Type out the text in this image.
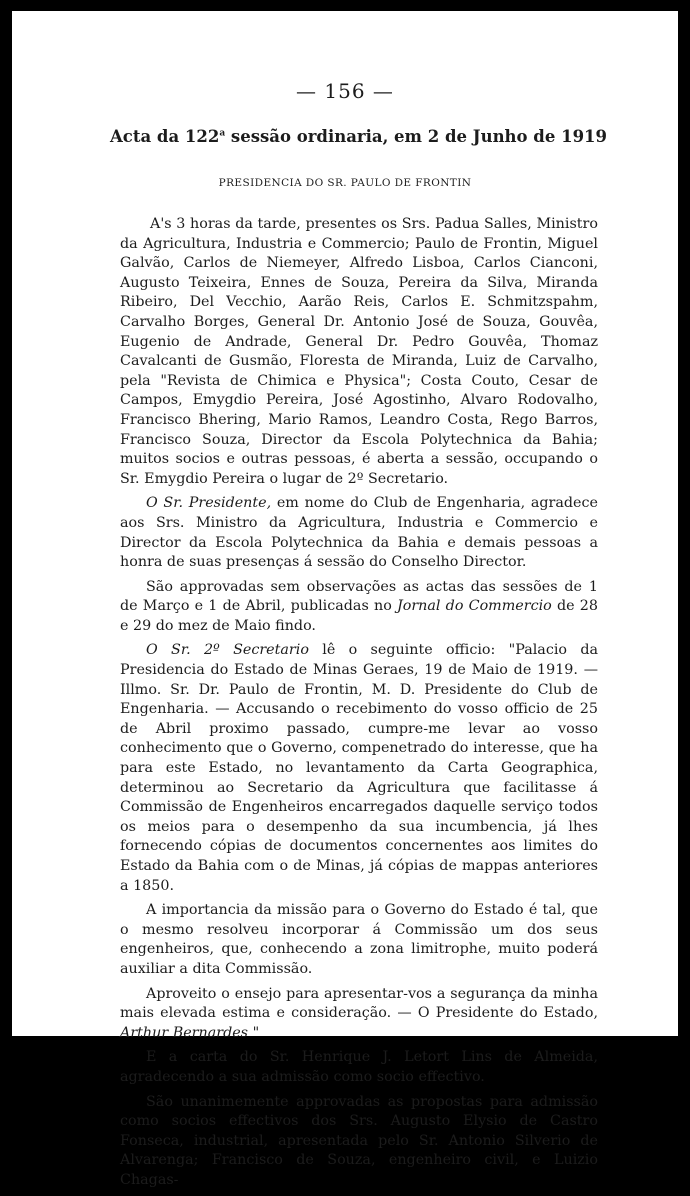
— 156 —
Acta da 122$^a$ sessão ordinaria, em 2 de Junho de 1919
PRESIDENCIA DO SR. PAULO DE FRONTIN

A's 3 horas da tarde, presentes os Srs. Padua Salles, Ministro da Agricultura, Industria e Commercio; Paulo de Frontin, Miguel Galvão, Carlos de Niemeyer, Alfredo Lisboa, Carlos Cianconi, Augusto Teixeira, Ennes de Souza, Pereira da Silva, Miranda Ribeiro, Del Vecchio, Aarão Reis, Carlos E. Schmitzspahm, Carvalho Borges, General Dr. Antonio José de Souza, Gouvêa, Eugenio de Andrade, General Dr. Pedro Gouvêa, Thomaz Cavalcanti de Gusmão, Floresta de Miranda, Luiz de Carvalho, pela "Revista de Chimica e Physica"; Costa Couto, Cesar de Campos, Emygdio Pereira, José Agostinho, Alvaro Rodovalho, Francisco Bhering, Mario Ramos, Leandro Costa, Rego Barros, Francisco Souza, Director da Escola Polytechnica da Bahia; muitos socios e outras pessoas, é aberta a sessão, occupando o Sr. Emygdio Pereira o lugar de 2º Secretario.

O Sr. Presidente, em nome do Club de Engenharia, agradece aos Srs. Ministro da Agricultura, Industria e Commercio e Director da Escola Polytechnica da Bahia e demais pessoas a honra de suas presenças á sessão do Conselho Director.

São approvadas sem observações as actas das sessões de 1 de Março e 1 de Abril, publicadas no Jornal do Commercio de 28 e 29 do mez de Maio findo.

O Sr. 2º Secretario lê o seguinte officio: "Palacio da Presidencia do Estado de Minas Geraes, 19 de Maio de 1919. — Illmo. Sr. Dr. Paulo de Frontin, M. D. Presidente do Club de Engenharia. — Accusando o recebimento do vosso officio de 25 de Abril proximo passado, cumpre-me levar ao vosso conhecimento que o Governo, compenetrado do interesse, que ha para este Estado, no levantamento da Carta Geographica, determinou ao Secretario da Agricultura que facilitasse á Commissão de Engenheiros encarregados daquelle serviço todos os meios para o desempenho da sua incumbencia, já lhes fornecendo cópias de documentos concernentes aos limites do Estado da Bahia com o de Minas, já cópias de mappas anteriores a 1850.

A importancia da missão para o Governo do Estado é tal, que o mesmo resolveu incorporar á Commissão um dos seus engenheiros, que, conhecendo a zona limitrophe, muito poderá auxiliar a dita Commissão.

Aproveito o ensejo para apresentar-vos a segurança da minha mais elevada estima e consideração. — O Presidente do Estado, Arthur Bernardes "

E a carta do Sr. Henrique J. Letort Lins de Almeida, agradecendo a sua admissão como socio effectivo.

São unanimemente approvadas as propostas para admissão como socios effectivos dos Srs. Augusto Elysio de Castro Fonseca, industrial, apresentada pelo Sr. Antonio Silverio de Alvarenga; Francisco de Souza, engenheiro civil, e Luizio Chagas-
